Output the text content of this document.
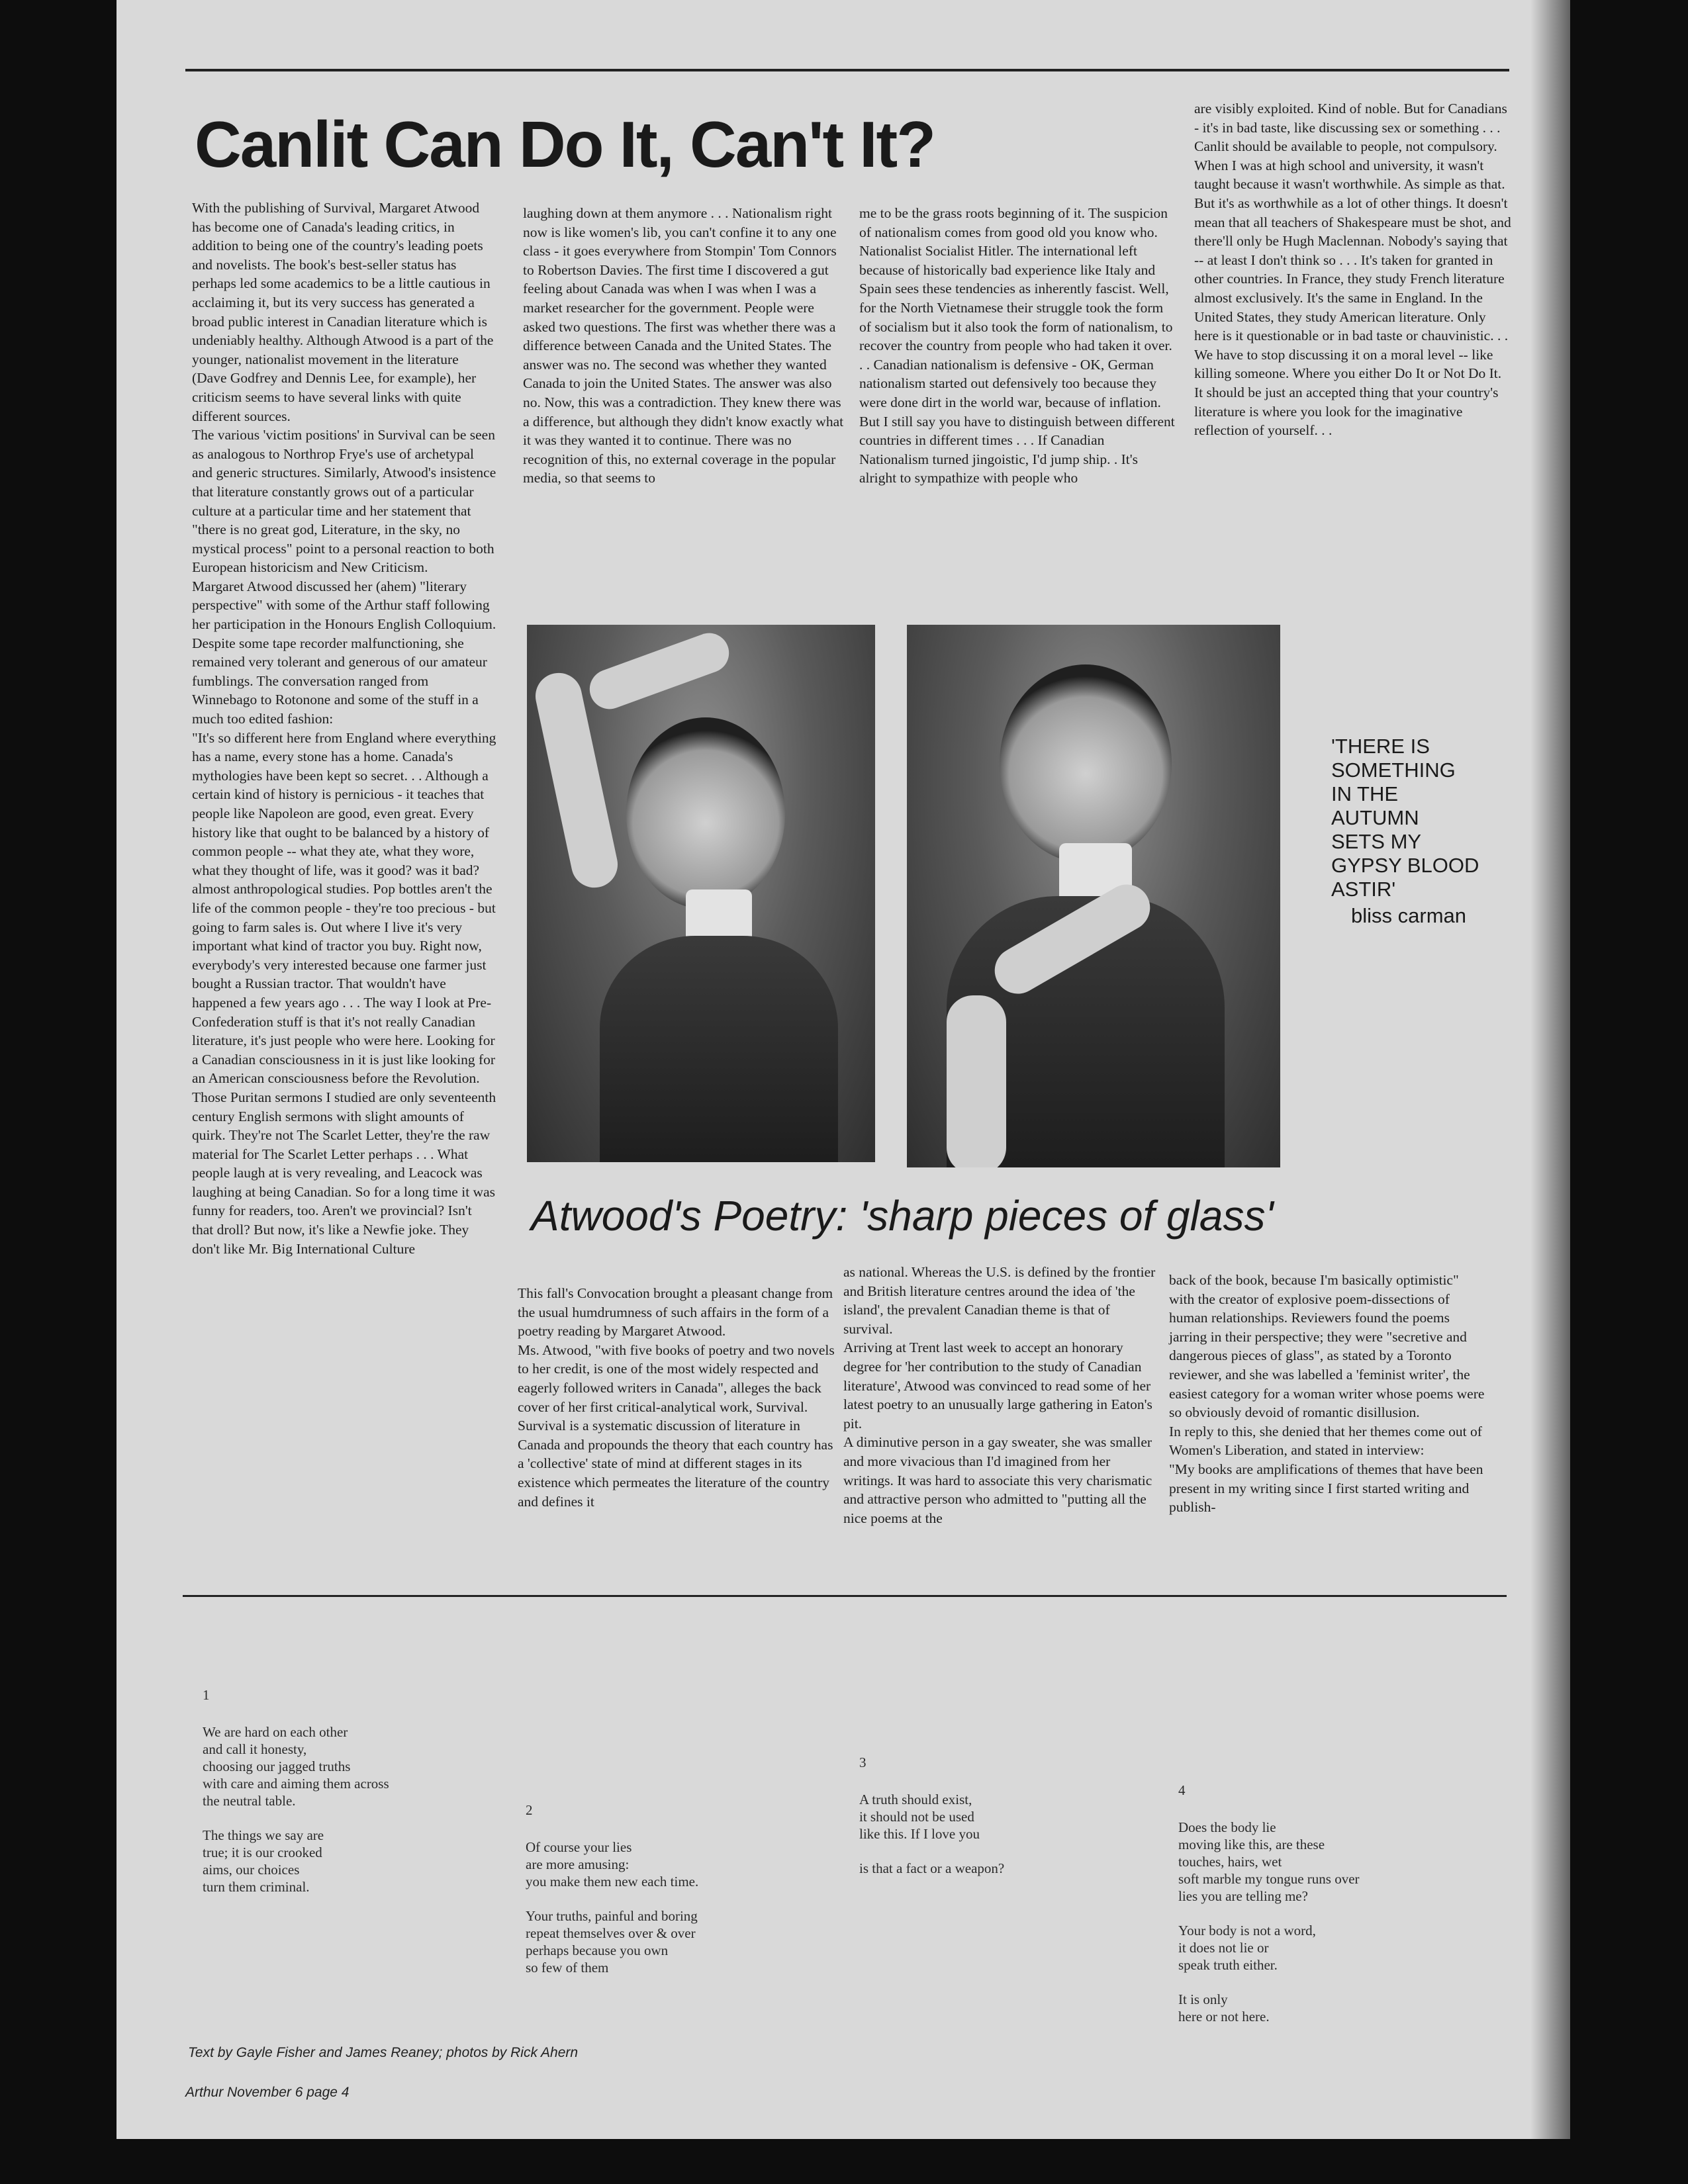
Canlit Can Do It, Can't It?

With the publishing of Survival, Margaret Atwood has become one of Canada's leading critics, in addition to being one of the country's leading poets and novelists. The book's best-seller status has perhaps led some academics to be a little cautious in acclaiming it, but its very success has generated a broad public interest in Canadian literature which is undeniably healthy. Although Atwood is a part of the younger, nationalist movement in the literature (Dave Godfrey and Dennis Lee, for example), her criticism seems to have several links with quite different sources.
The various 'victim positions' in Survival can be seen as analogous to Northrop Frye's use of archetypal and generic structures. Similarly, Atwood's insistence that literature constantly grows out of a particular culture at a particular time and her statement that "there is no great god, Literature, in the sky, no mystical process" point to a personal reaction to both European historicism and New Criticism.
Margaret Atwood discussed her (ahem) "literary perspective" with some of the Arthur staff following her participation in the Honours English Colloquium. Despite some tape recorder malfunctioning, she remained very tolerant and generous of our amateur fumblings. The conversation ranged from Winnebago to Rotonone and some of the stuff in a much too edited fashion:
"It's so different here from England where everything has a name, every stone has a home. Canada's mythologies have been kept so secret. . . Although a certain kind of history is pernicious - it teaches that people like Napoleon are good, even great. Every history like that ought to be balanced by a history of common people -- what they ate, what they wore, what they thought of life, was it good? was it bad? almost anthropological studies. Pop bottles aren't the life of the common people - they're too precious - but going to farm sales is. Out where I live it's very important what kind of tractor you buy. Right now, everybody's very interested because one farmer just bought a Russian tractor. That wouldn't have happened a few years ago . . . The way I look at Pre-Confederation stuff is that it's not really Canadian literature, it's just people who were here. Looking for a Canadian consciousness in it is just like looking for an American consciousness before the Revolution. Those Puritan sermons I studied are only seventeenth century English sermons with slight amounts of quirk. They're not The Scarlet Letter, they're the raw material for The Scarlet Letter perhaps . . . What people laugh at is very revealing, and Leacock was laughing at being Canadian. So for a long time it was funny for readers, too. Aren't we provincial? Isn't that droll? But now, it's like a Newfie joke. They don't like Mr. Big International Culture

laughing down at them anymore . . . Nationalism right now is like women's lib, you can't confine it to any one class - it goes everywhere from Stompin' Tom Connors to Robertson Davies. The first time I discovered a gut feeling about Canada was when I was when I was a market researcher for the government. People were asked two questions. The first was whether there was a difference between Canada and the United States. The answer was no. The second was whether they wanted Canada to join the United States. The answer was also no. Now, this was a contradiction. They knew there was a difference, but although they didn't know exactly what it was they wanted it to continue. There was no recognition of this, no external coverage in the popular media, so that seems to

me to be the grass roots beginning of it. The suspicion of nationalism comes from good old you know who. Nationalist Socialist Hitler. The international left because of historically bad experience like Italy and Spain sees these tendencies as inherently fascist. Well, for the North Vietnamese their struggle took the form of socialism but it also took the form of nationalism, to recover the country from people who had taken it over. . . Canadian nationalism is defensive - OK, German nationalism started out defensively too because they were done dirt in the world war, because of inflation. But I still say you have to distinguish between different countries in different times . . . If Canadian Nationalism turned jingoistic, I'd jump ship. . It's alright to sympathize with people who

are visibly exploited. Kind of noble. But for Canadians - it's in bad taste, like discussing sex or something . . . Canlit should be available to people, not compulsory. When I was at high school and university, it wasn't taught because it wasn't worthwhile. As simple as that. But it's as worthwhile as a lot of other things. It doesn't mean that all teachers of Shakespeare must be shot, and there'll only be Hugh Maclennan. Nobody's saying that -- at least I don't think so . . . It's taken for granted in other countries. In France, they study French literature almost exclusively. It's the same in England. In the United States, they study American literature. Only here is it questionable or in bad taste or chauvinistic. . . We have to stop discussing it on a moral level -- like killing someone. Where you either Do It or Not Do It. It should be just an accepted thing that your country's literature is where you look for the imaginative reflection of yourself. . .

'THERE IS
SOMETHING
IN THE
AUTUMN
SETS MY
GYPSY BLOOD
ASTIR'
bliss carman
Atwood's Poetry: 'sharp pieces of glass'

This fall's Convocation brought a pleasant change from the usual humdrumness of such affairs in the form of a poetry reading by Margaret Atwood.
Ms. Atwood, "with five books of poetry and two novels to her credit, is one of the most widely respected and eagerly followed writers in Canada", alleges the back cover of her first critical-analytical work, Survival.
Survival is a systematic discussion of literature in Canada and propounds the theory that each country has a 'collective' state of mind at different stages in its existence which permeates the literature of the country and defines it

as national. Whereas the U.S. is defined by the frontier and British literature centres around the idea of 'the island', the prevalent Canadian theme is that of survival.
Arriving at Trent last week to accept an honorary degree for 'her contribution to the study of Canadian literature', Atwood was convinced to read some of her latest poetry to an unusually large gathering in Eaton's pit.
A diminutive person in a gay sweater, she was smaller and more vivacious than I'd imagined from her writings. It was hard to associate this very charismatic and attractive person who admitted to "putting all the nice poems at the

back of the book, because I'm basically optimistic" with the creator of explosive poem-dissections of human relationships. Reviewers found the poems jarring in their perspective; they were "secretive and dangerous pieces of glass", as stated by a Toronto reviewer, and she was labelled a 'feminist writer', the easiest category for a woman writer whose poems were so obviously devoid of romantic disillusion.
In reply to this, she denied that her themes come out of Women's Liberation, and stated in interview:
"My books are amplifications of themes that have been present in my writing since I first started writing and publish-

1

We are hard on each other
and call it honesty,
choosing our jagged truths
with care and aiming them across
the neutral table.

The things we say are
true; it is our crooked
aims, our choices
turn them criminal.

2

Of course your lies
are more amusing:
you make them new each time.

Your truths, painful and boring
repeat themselves over & over
perhaps because you own
so few of them

3

A truth should exist,
it should not be used
like this. If I love you

is that a fact or a weapon?

4

Does the body lie
moving like this, are these
touches, hairs, wet
soft marble my tongue runs over
lies you are telling me?

Your body is not a word,
it does not lie or
speak truth either.

It is only
here or not here.

Text by Gayle Fisher and James Reaney; photos by Rick Ahern
Arthur November 6 page 4
